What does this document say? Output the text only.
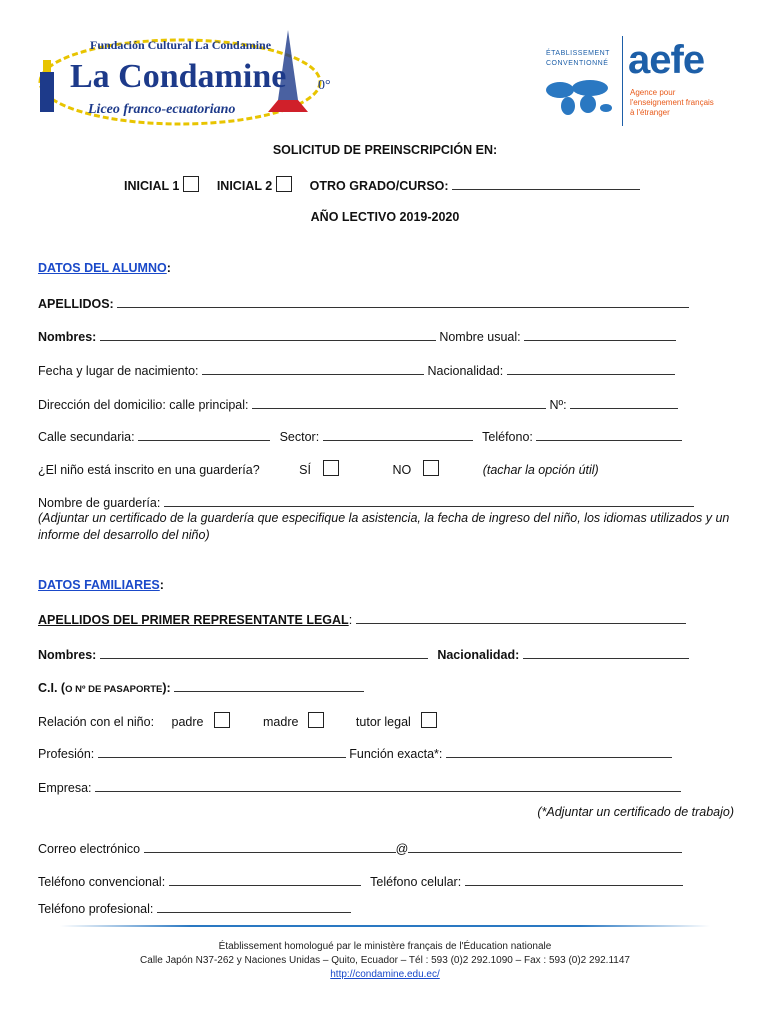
Fundación Cultural La Condamine
La Condamine 0°
Liceo franco-ecuatoriano
ÉTABLISSEMENT
CONVENTIONNÉ aefe
Agence pour
l'enseignement français
à l'étranger
SOLICITUD DE PREINSCRIPCIÓN EN:
INICIAL 1	INICIAL 2	OTRO GRADO/CURSO:
AÑO LECTIVO 2019-2020
DATOS DEL ALUMNO:
APELLIDOS:
Nombres:	Nombre usual:
Fecha y lugar de nacimiento:	Nacionalidad:
Dirección del domicilio: calle principal:	Nº:
Calle secundaria:	Sector:	Teléfono:
¿El niño está inscrito en una guardería?	SÍ	NO	(tachar la opción útil)
Nombre de guardería:
(Adjuntar un certificado de la guardería que especifique la asistencia, la fecha de ingreso del niño, los idiomas utilizados y un informe del desarrollo del niño)
DATOS FAMILIARES:
APELLIDOS DEL PRIMER REPRESENTANTE LEGAL:
Nombres:	Nacionalidad:
C.I. (O Nº DE PASAPORTE):
Relación con el niño: padre	madre	tutor legal
Profesión:	Función exacta*:
Empresa:
(*Adjuntar un certificado de trabajo)
Correo electrónico	@
Teléfono convencional:	Teléfono celular:
Teléfono profesional:
Établissement homologué par le ministère français de l'Éducation nationale
Calle Japón N37-262 y Naciones Unidas – Quito, Ecuador – Tél : 593 (0)2 292.1090 – Fax : 593 (0)2 292.1147
http://condamine.edu.ec/
